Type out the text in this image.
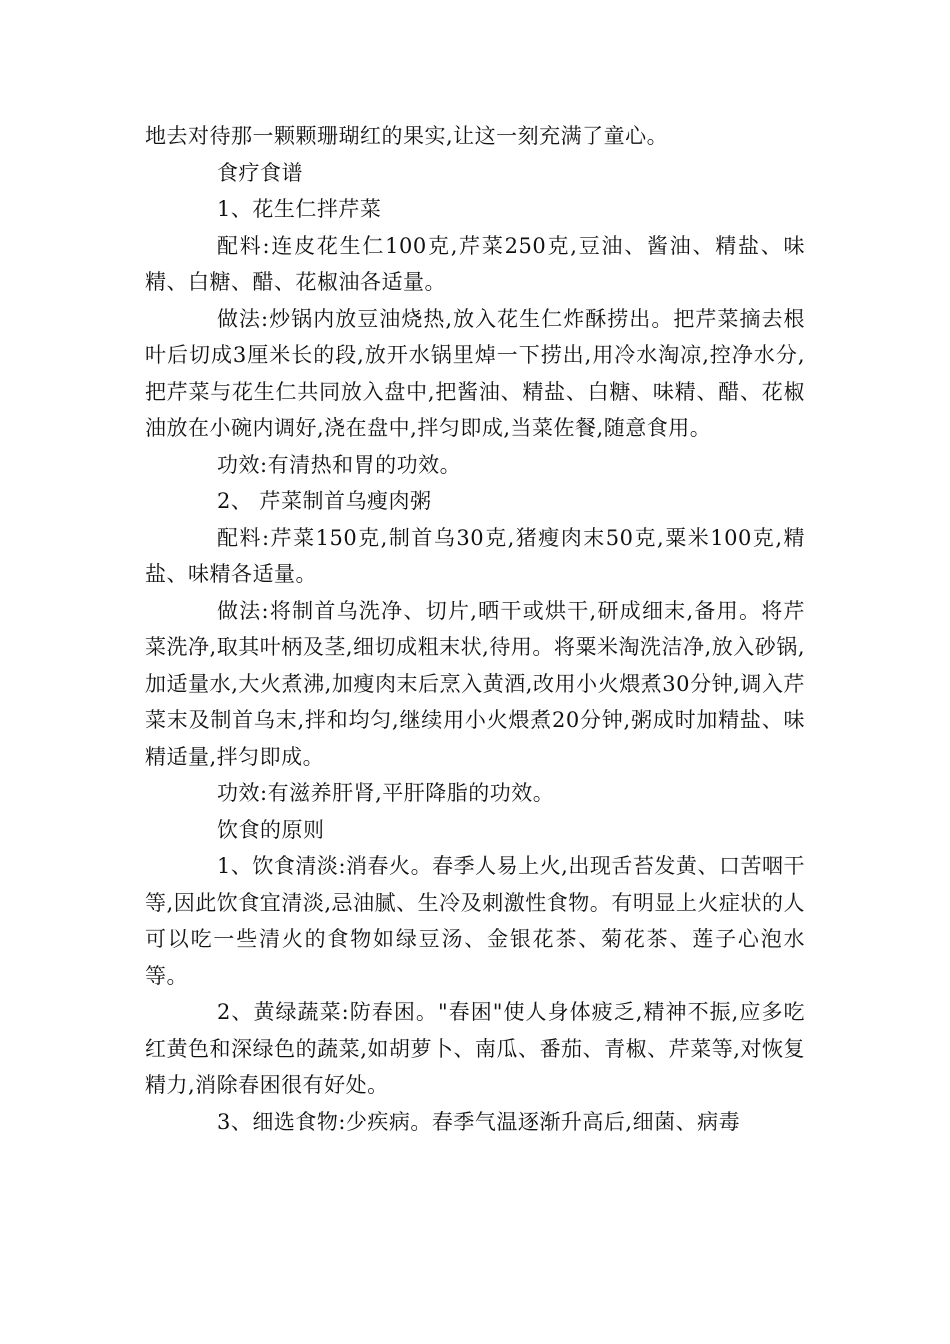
地去对待那一颗颗珊瑚红的果实,让这一刻充满了童心。

食疗食谱

1、花生仁拌芹菜

配料:连皮花生仁100克,芹菜250克,豆油、酱油、精盐、味精、白糖、醋、花椒油各适量。

做法:炒锅内放豆油烧热,放入花生仁炸酥捞出。把芹菜摘去根叶后切成3厘米长的段,放开水锅里焯一下捞出,用冷水淘凉,控净水分,把芹菜与花生仁共同放入盘中,把酱油、精盐、白糖、味精、醋、花椒油放在小碗内调好,浇在盘中,拌匀即成,当菜佐餐,随意食用。

功效:有清热和胃的功效。

2、 芹菜制首乌瘦肉粥

配料:芹菜150克,制首乌30克,猪瘦肉末50克,粟米100克,精盐、味精各适量。

做法:将制首乌洗净、切片,晒干或烘干,研成细末,备用。将芹菜洗净,取其叶柄及茎,细切成粗末状,待用。将粟米淘洗洁净,放入砂锅,加适量水,大火煮沸,加瘦肉末后烹入黄酒,改用小火煨煮30分钟,调入芹菜末及制首乌末,拌和均匀,继续用小火煨煮20分钟,粥成时加精盐、味精适量,拌匀即成。

功效:有滋养肝肾,平肝降脂的功效。

饮食的原则

1、饮食清淡:消春火。春季人易上火,出现舌苔发黄、口苦咽干等,因此饮食宜清淡,忌油腻、生冷及刺激性食物。有明显上火症状的人可以吃一些清火的食物如绿豆汤、金银花茶、菊花茶、莲子心泡水等。

2、黄绿蔬菜:防春困。"春困"使人身体疲乏,精神不振,应多吃红黄色和深绿色的蔬菜,如胡萝卜、南瓜、番茄、青椒、芹菜等,对恢复精力,消除春困很有好处。

3、细选食物:少疾病。春季气温逐渐升高后,细菌、病毒
